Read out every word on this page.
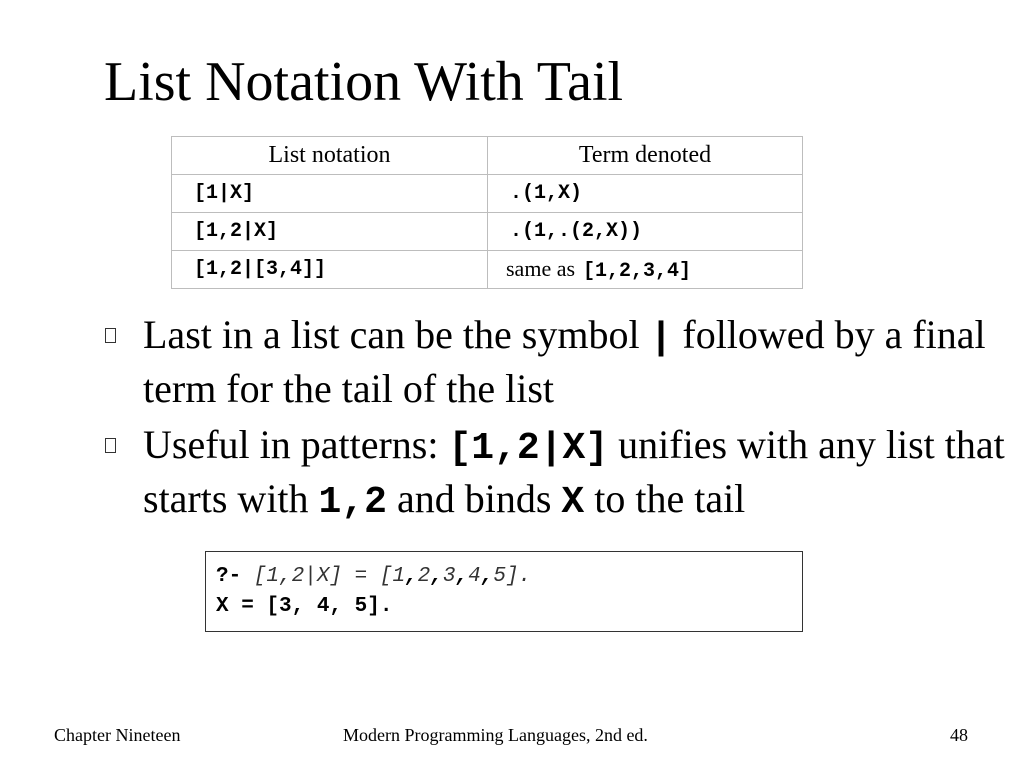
List Notation With Tail
List notation	Term denoted
[1|X]	.(1,X)
[1,2|X]	.(1,.(2,X))
[1,2|[3,4]]	same as [1,2,3,4]
Last in a list can be the symbol | followed by a final term for the tail of the list
Useful in patterns: [1,2|X] unifies with any list that starts with 1,2 and binds X to the tail
?- [1,2|X] = [1,2,3,4,5].
X = [3, 4, 5].
Chapter Nineteen	Modern Programming Languages, 2nd ed.	48
